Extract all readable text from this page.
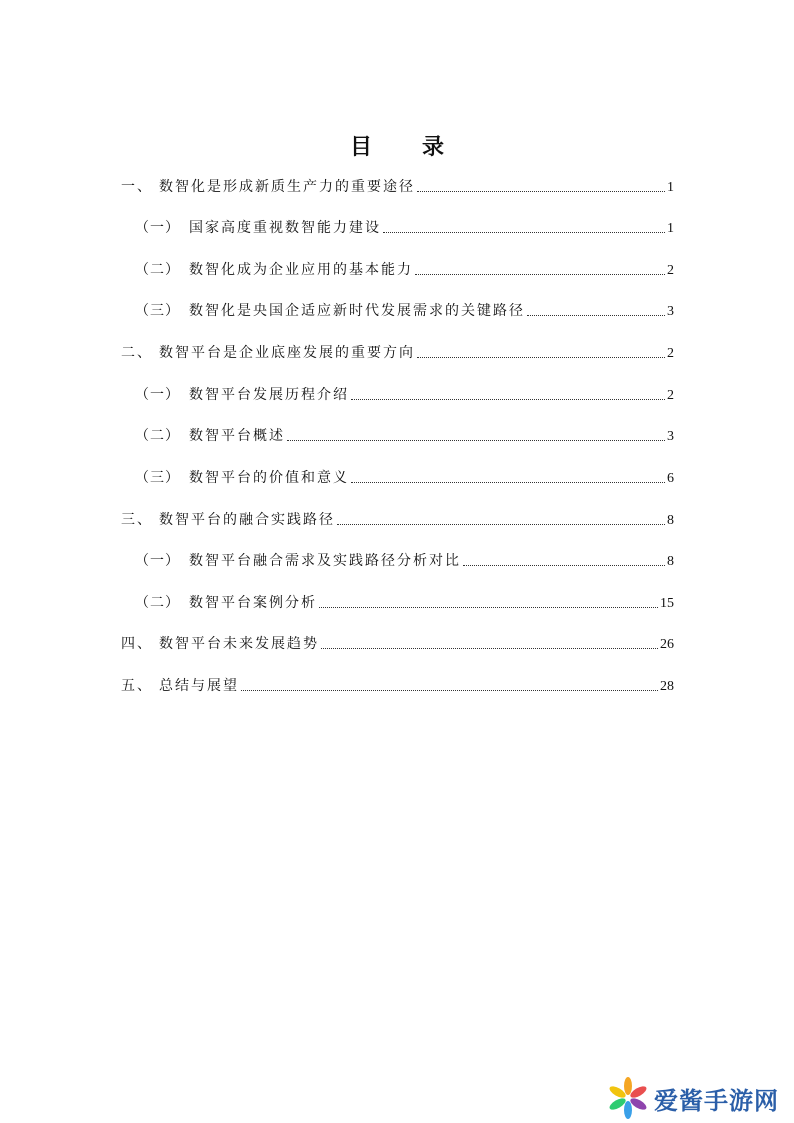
目　录
一、 数智化是形成新质生产力的重要途径	1
（一） 国家高度重视数智能力建设	1
（二） 数智化成为企业应用的基本能力	2
（三） 数智化是央国企适应新时代发展需求的关键路径	3
二、 数智平台是企业底座发展的重要方向	2
（一） 数智平台发展历程介绍	2
（二） 数智平台概述	3
（三） 数智平台的价值和意义	6
三、 数智平台的融合实践路径	8
（一） 数智平台融合需求及实践路径分析对比	8
（二） 数智平台案例分析	15
四、 数智平台未来发展趋势	26
五、 总结与展望	28
爱酱手游网
